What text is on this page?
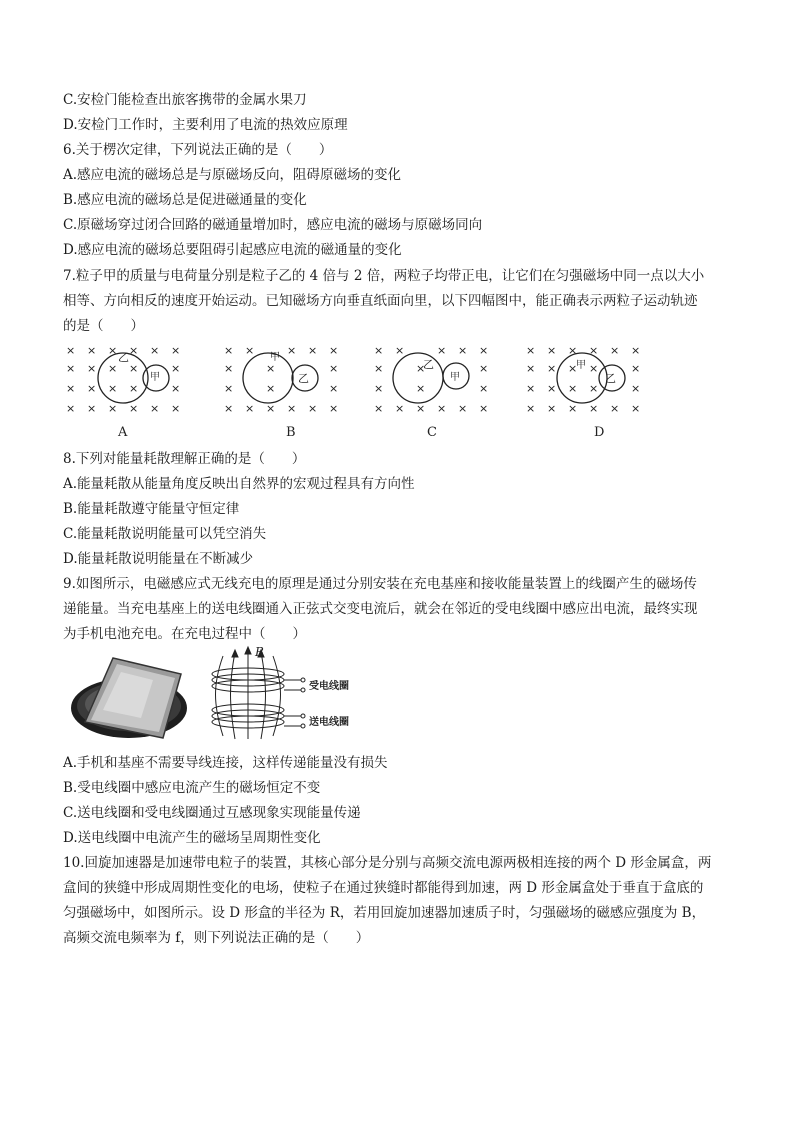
C.安检门能检查出旅客携带的金属水果刀
D.安检门工作时，主要利用了电流的热效应原理
6.关于楞次定律，下列说法正确的是（　　）
A.感应电流的磁场总是与原磁场反向，阻碍原磁场的变化
B.感应电流的磁场总是促进磁通量的变化
C.原磁场穿过闭合回路的磁通量增加时，感应电流的磁场与原磁场同向
D.感应电流的磁场总要阻碍引起感应电流的磁通量的变化
7.粒子甲的质量与电荷量分别是粒子乙的 4 倍与 2 倍，两粒子均带正电，让它们在匀强磁场中同一点以大小
相等、方向相反的速度开始运动。已知磁场方向垂直纸面向里，以下四幅图中，能正确表示两粒子运动轨迹
的是（　　）
乙
甲
A
甲
乙
B
乙
甲
C
甲
乙
D
× × × × × ×
× × × ×	×
× × × ×	×
× × × × × ×
× ×	× × ×
×	×	×
×	×	×
× × × × × ×
× ×	× × ×
×	×	×
×	×	×
× × × × × ×
× × × × × ×
× × × ×	×
× × × ×	×
× × × × × ×
8.下列对能量耗散理解正确的是（　　）
A.能量耗散从能量角度反映出自然界的宏观过程具有方向性
B.能量耗散遵守能量守恒定律
C.能量耗散说明能量可以凭空消失
D.能量耗散说明能量在不断减少
9.如图所示，电磁感应式无线充电的原理是通过分别安装在充电基座和接收能量装置上的线圈产生的磁场传
递能量。当充电基座上的送电线圈通入正弦式交变电流后，就会在邻近的受电线圈中感应出电流，最终实现
为手机电池充电。在充电过程中（　　）
B
受电线圈
送电线圈
A.手机和基座不需要导线连接，这样传递能量没有损失
B.受电线圈中感应电流产生的磁场恒定不变
C.送电线圈和受电线圈通过互感现象实现能量传递
D.送电线圈中电流产生的磁场呈周期性变化
10.回旋加速器是加速带电粒子的装置，其核心部分是分别与高频交流电源两极相连接的两个 D 形金属盒，两
盒间的狭缝中形成周期性变化的电场，使粒子在通过狭缝时都能得到加速，两 D 形金属盒处于垂直于盒底的
匀强磁场中，如图所示。设 D 形盒的半径为 R，若用回旋加速器加速质子时，匀强磁场的磁感应强度为 B，
高频交流电频率为 f，则下列说法正确的是（　　）
